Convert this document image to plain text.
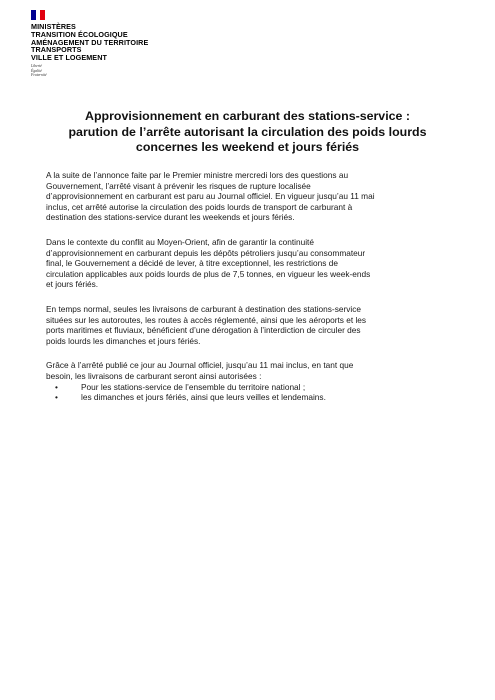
MINISTÈRES
TRANSITION ÉCOLOGIQUE
AMÉNAGEMENT DU TERRITOIRE
TRANSPORTS
VILLE ET LOGEMENT
Liberté
Égalité
Fraternité
Approvisionnement en carburant des stations-service :
parution de l’arrête autorisant la circulation des poids lourds
concernes les weekend et jours fériés
A la suite de l’annonce faite par le Premier ministre mercredi lors des questions au
Gouvernement, l’arrêté visant à prévenir les risques de rupture localisée
d’approvisionnement en carburant est paru au Journal officiel. En vigueur jusqu’au 11 mai
inclus, cet arrêté autorise la circulation des poids lourds de transport de carburant à
destination des stations-service durant les weekends et jours fériés.
Dans le contexte du conflit au Moyen-Orient, afin de garantir la continuité
d’approvisionnement en carburant depuis les dépôts pétroliers jusqu’au consommateur
final, le Gouvernement a décidé de lever, à titre exceptionnel, les restrictions de
circulation applicables aux poids lourds de plus de 7,5 tonnes, en vigueur les week-ends
et jours fériés.
En temps normal, seules les livraisons de carburant à destination des stations-service
situées sur les autoroutes, les routes à accès réglementé, ainsi que les aéroports et les
ports maritimes et fluviaux, bénéficient d’une dérogation à l’interdiction de circuler des
poids lourds les dimanches et jours fériés.
Grâce à l’arrêté publié ce jour au Journal officiel, jusqu’au 11 mai inclus, en tant que
besoin, les livraisons de carburant seront ainsi autorisées :
•	Pour les stations-service de l’ensemble du territoire national ;
•	les dimanches et jours fériés, ainsi que leurs veilles et lendemains.
